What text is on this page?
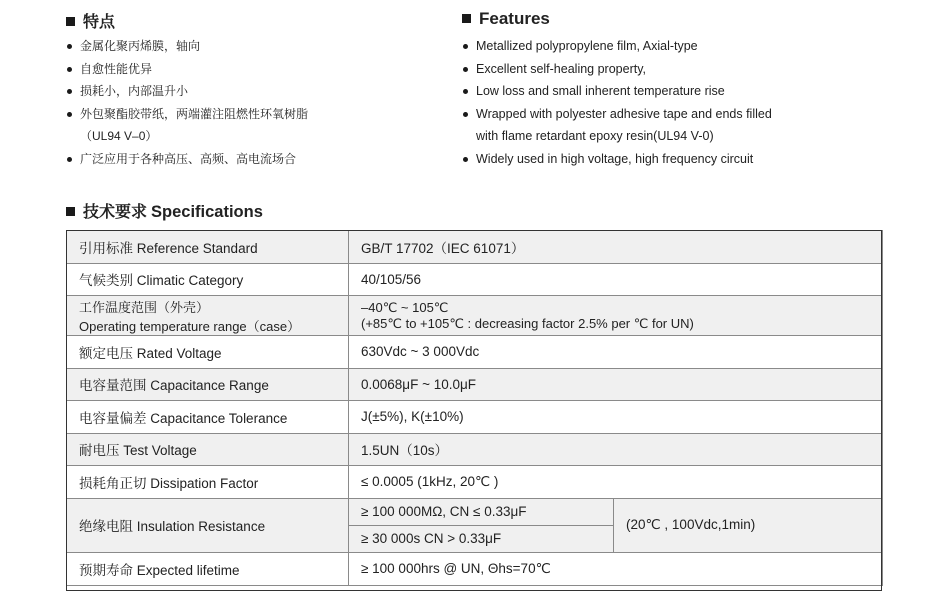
特点
金属化聚丙烯膜，轴向
自愈性能优异
损耗小，内部温升小
外包聚酯胶带纸，两端灌注阻燃性环氧树脂
（UL94 V–0）
广泛应用于各种高压、高频、高电流场合
Features
Metallized polypropylene film, Axial-type
Excellent self-healing property,
Low loss and small inherent temperature rise
Wrapped with polyester adhesive tape and ends filled
with flame retardant epoxy resin(UL94 V-0)
Widely used in high voltage, high frequency circuit
技术要求 Specifications
引用标准 Reference Standard	GB/T 17702（IEC 61071）	
气候类别 Climatic Category	40/105/56	

工作温度范围（外壳）
Operating temperature range（case）	–40℃ ~ 105℃
(+85℃ to +105℃ : decreasing factor 2.5% per ℃ for UN)	

额定电压 Rated Voltage	630Vdc ~ 3 000Vdc	
电容量范围 Capacitance Range	0.0068μF ~ 10.0μF	
电容量偏差 Capacitance Tolerance	J(±5%), K(±10%)	
耐电压 Test Voltage	1.5UN（10s）	
损耗角正切 Dissipation Factor	≤ 0.0005 (1kHz, 20℃ )	
绝缘电阻 Insulation Resistance	≥ 100 000MΩ, CN ≤ 0.33μF	(20℃ , 100Vdc,1min)
	≥ 30 000s CN > 0.33μF	
预期寿命 Expected lifetime	≥ 100 000hrs @ UN, Θhs=70℃	
